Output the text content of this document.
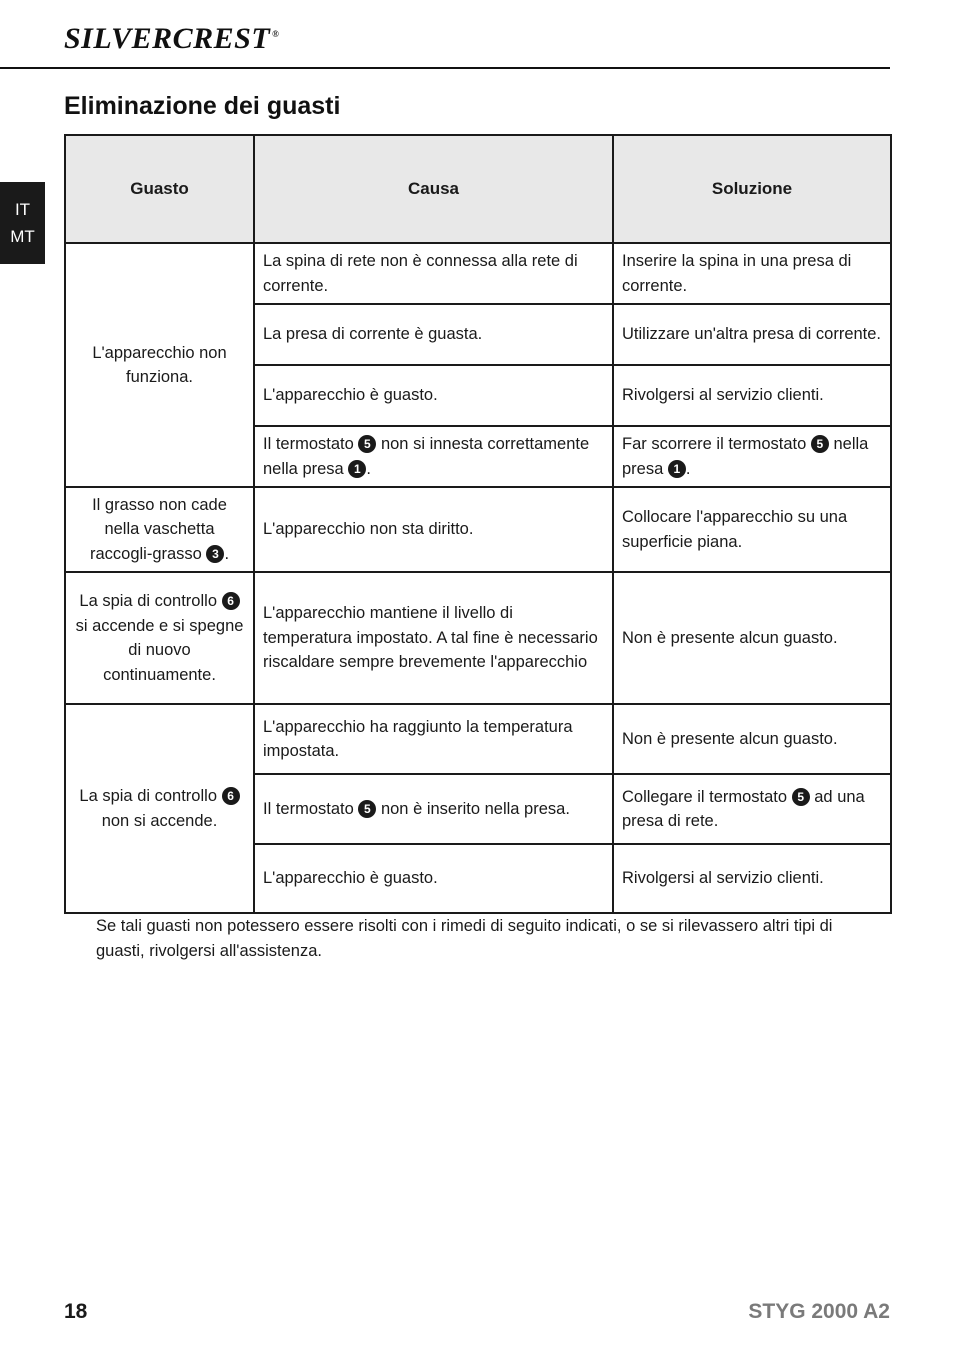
SILVERCREST ®
IT
MT
Eliminazione dei guasti
Guasto	Causa	Soluzione
L'apparecchio non funziona.	La spina di rete non è connessa alla rete di corrente.	Inserire la spina in una presa di corrente.
	La presa di corrente è guasta.	Utilizzare un'altra presa di corrente.
	L'apparecchio è guasto.	Rivolgersi al servizio clienti.
	Il termostato 5 non si innesta correttamente nella presa 1 .	Far scorrere il termostato 5 nella presa 1 .
Il grasso non cade nella vaschetta raccogli-grasso 3 .	L'apparecchio non sta diritto.	Collocare l'apparecchio su una superficie piana.
La spia di controllo 6 si accende e si spegne di nuovo continuamente.	L'apparecchio mantiene il livello di temperatura impostato. A tal fine è necessario riscaldare sempre brevemente l'apparecchio	Non è presente alcun guasto.
La spia di controllo 6 non si accende.	L'apparecchio ha raggiunto la temperatura impostata.	Non è presente alcun guasto.
	Il termostato 5 non è inserito nella presa.	Collegare il termostato 5 ad una presa di rete.
	L'apparecchio è guasto.	Rivolgersi al servizio clienti.

Se tali guasti non potessero essere risolti con i rimedi di seguito indicati, o se si rilevassero altri tipi di guasti, rivolgersi all'assistenza.

18	STYG 2000 A2
